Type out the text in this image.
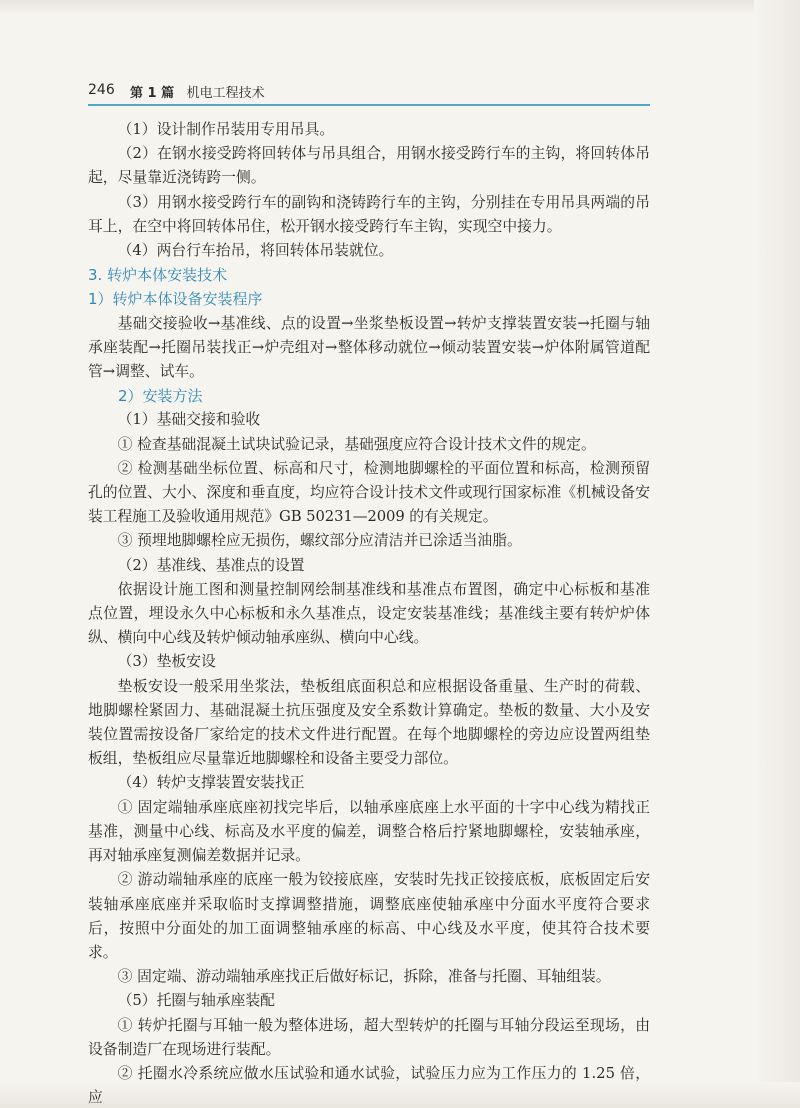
246 第 1 篇 机电工程技术

（1）设计制作吊装用专用吊具。

（2）在钢水接受跨将回转体与吊具组合，用钢水接受跨行车的主钩，将回转体吊起，尽量靠近浇铸跨一侧。

（3）用钢水接受跨行车的副钩和浇铸跨行车的主钩，分别挂在专用吊具两端的吊耳上，在空中将回转体吊住，松开钢水接受跨行车主钩，实现空中接力。

（4）两台行车抬吊，将回转体吊装就位。

3. 转炉本体安装技术

1）转炉本体设备安装程序

基础交接验收→基准线、点的设置→坐浆垫板设置→转炉支撑装置安装→托圈与轴承座装配→托圈吊装找正→炉壳组对→整体移动就位→倾动装置安装→炉体附属管道配管→调整、试车。

2）安装方法

（1）基础交接和验收

① 检查基础混凝土试块试验记录，基础强度应符合设计技术文件的规定。

② 检测基础坐标位置、标高和尺寸，检测地脚螺栓的平面位置和标高，检测预留孔的位置、大小、深度和垂直度，均应符合设计技术文件或现行国家标准《机械设备安装工程施工及验收通用规范》GB 50231—2009 的有关规定。

③ 预埋地脚螺栓应无损伤，螺纹部分应清洁并已涂适当油脂。

（2）基准线、基准点的设置

依据设计施工图和测量控制网绘制基准线和基准点布置图，确定中心标板和基准点位置，埋设永久中心标板和永久基准点，设定安装基准线；基准线主要有转炉炉体纵、横向中心线及转炉倾动轴承座纵、横向中心线。

（3）垫板安设

垫板安设一般采用坐浆法，垫板组底面积总和应根据设备重量、生产时的荷载、地脚螺栓紧固力、基础混凝土抗压强度及安全系数计算确定。垫板的数量、大小及安装位置需按设备厂家给定的技术文件进行配置。在每个地脚螺栓的旁边应设置两组垫板组，垫板组应尽量靠近地脚螺栓和设备主要受力部位。

（4）转炉支撑装置安装找正

① 固定端轴承座底座初找完毕后，以轴承座底座上水平面的十字中心线为精找正基准，测量中心线、标高及水平度的偏差，调整合格后拧紧地脚螺栓，安装轴承座，再对轴承座复测偏差数据并记录。

② 游动端轴承座的底座一般为铰接底座，安装时先找正铰接底板，底板固定后安装轴承座底座并采取临时支撑调整措施，调整底座使轴承座中分面水平度符合要求后，按照中分面处的加工面调整轴承座的标高、中心线及水平度，使其符合技术要求。

③ 固定端、游动端轴承座找正后做好标记，拆除，准备与托圈、耳轴组装。

（5）托圈与轴承座装配

① 转炉托圈与耳轴一般为整体进场，超大型转炉的托圈与耳轴分段运至现场，由设备制造厂在现场进行装配。

② 托圈水冷系统应做水压试验和通水试验，试验压力应为工作压力的 1.25 倍，应
